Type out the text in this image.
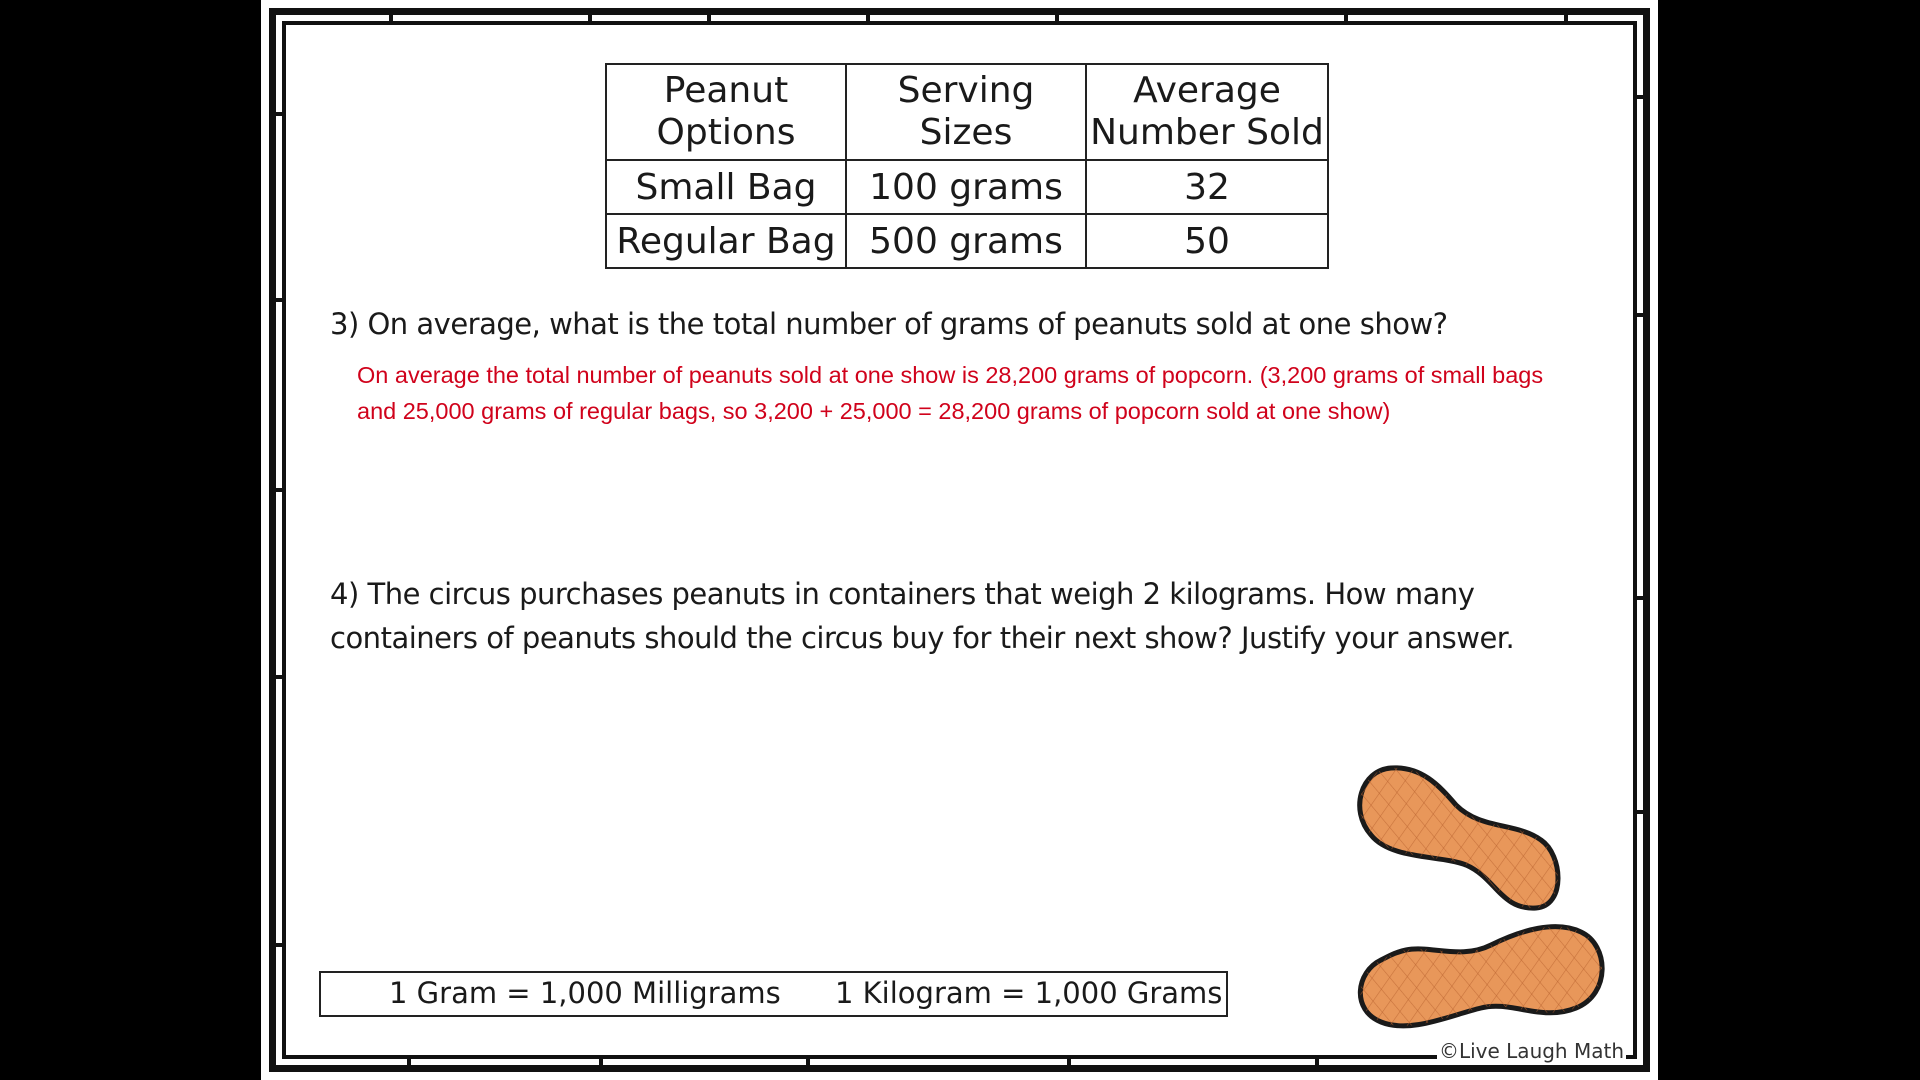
Peanut Options	Serving Sizes	Average Number Sold
Small Bag	100 grams	32
Regular Bag	500 grams	50
3) On average, what is the total number of grams of peanuts sold at one show?
On average the total number of peanuts sold at one show is 28,200 grams of popcorn. (3,200 grams of small bags and 25,000 grams of regular bags, so 3,200 + 25,000 = 28,200 grams of popcorn sold at one show)
4) The circus purchases peanuts in containers that weigh 2 kilograms. How many containers of peanuts should the circus buy for their next show? Justify your answer.
1 Gram = 1,000 Milligrams 1 Kilogram = 1,000 Grams
©Live Laugh Math
